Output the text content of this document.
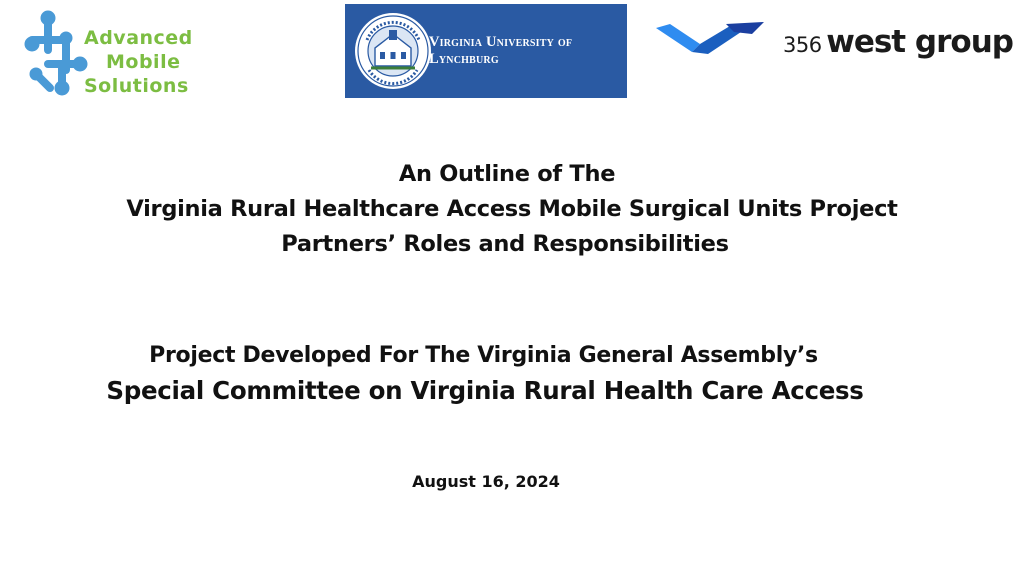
Advanced
Mobile
Solutions
Virginia University of
Lynchburg
356 west group
An Outline of The
Virginia Rural Healthcare Access Mobile Surgical Units Project
Partners’ Roles and Responsibilities
Project Developed For The Virginia General Assembly’s
Special Committee on Virginia Rural Health Care Access
August 16, 2024
